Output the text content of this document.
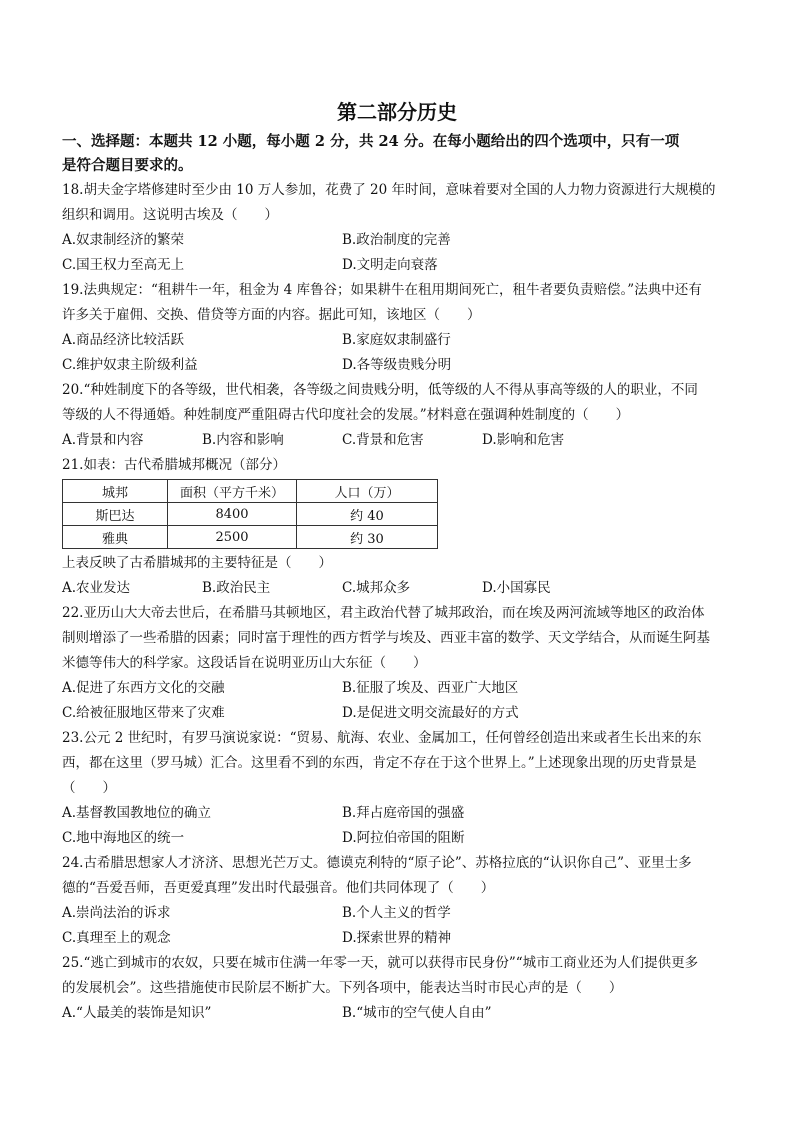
第二部分历史
一、选择题：本题共 12 小题，每小题 2 分，共 24 分。在每小题给出的四个选项中，只有一项
是符合题目要求的。
18.胡夫金字塔修建时至少由 10 万人参加，花费了 20 年时间，意味着要对全国的人力物力资源进行大规模的
组织和调用。这说明古埃及（　　）
A.奴隶制经济的繁荣	B.政治制度的完善
C.国王权力至高无上	D.文明走向衰落
19.法典规定：“租耕牛一年，租金为 4 库鲁谷；如果耕牛在租用期间死亡，租牛者要负责赔偿。”法典中还有
许多关于雇佣、交换、借贷等方面的内容。据此可知，该地区（　　）
A.商品经济比较活跃	B.家庭奴隶制盛行
C.维护奴隶主阶级利益	D.各等级贵贱分明
20.“种姓制度下的各等级，世代相袭，各等级之间贵贱分明，低等级的人不得从事高等级的人的职业，不同
等级的人不得通婚。种姓制度严重阻碍古代印度社会的发展。”材料意在强调种姓制度的（　　）
A.背景和内容	B.内容和影响	C.背景和危害	D.影响和危害
21.如表：古代希腊城邦概况（部分）
城邦	面积（平方千米）	人口（万）
斯巴达	8400	约 40
雅典	2500	约 30
上表反映了古希腊城邦的主要特征是（　　）
A.农业发达	B.政治民主	C.城邦众多	D.小国寡民
22.亚历山大大帝去世后，在希腊马其顿地区，君主政治代替了城邦政治，而在埃及两河流域等地区的政治体
制则增添了一些希腊的因素；同时富于理性的西方哲学与埃及、西亚丰富的数学、天文学结合，从而诞生阿基
米德等伟大的科学家。这段话旨在说明亚历山大东征（　　）
A.促进了东西方文化的交融	B.征服了埃及、西亚广大地区
C.给被征服地区带来了灾难	D.是促进文明交流最好的方式
23.公元 2 世纪时，有罗马演说家说：“贸易、航海、农业、金属加工，任何曾经创造出来或者生长出来的东
西，都在这里（罗马城）汇合。这里看不到的东西，肯定不存在于这个世界上。”上述现象出现的历史背景是
（　　）
A.基督教国教地位的确立	B.拜占庭帝国的强盛
C.地中海地区的统一	D.阿拉伯帝国的阻断
24.古希腊思想家人才济济、思想光芒万丈。德谟克利特的“原子论”、苏格拉底的“认识你自己”、亚里士多
德的“吾爱吾师，吾更爱真理”发出时代最强音。他们共同体现了（　　）
A.崇尚法治的诉求	B.个人主义的哲学
C.真理至上的观念	D.探索世界的精神
25.“逃亡到城市的农奴，只要在城市住满一年零一天，就可以获得市民身份”“城市工商业还为人们提供更多
的发展机会”。这些措施使市民阶层不断扩大。下列各项中，能表达当时市民心声的是（　　）
A.“人最美的装饰是知识”	B.“城市的空气使人自由”
